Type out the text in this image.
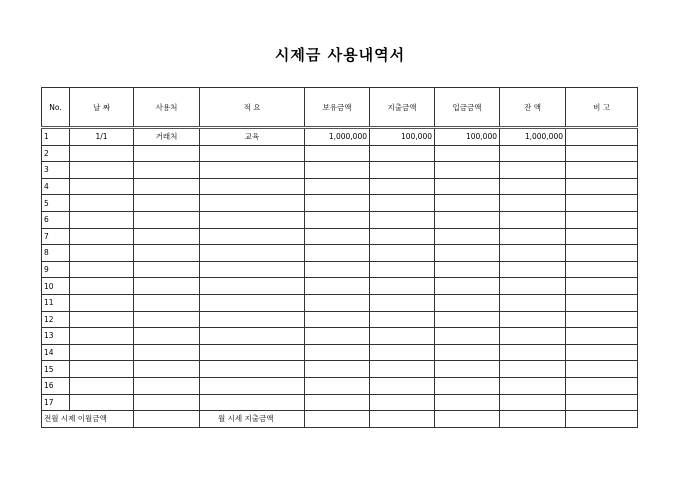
시제금 사용내역서
No.	날 짜	사용처	적 요	보유금액	지출금액	입금금액	잔 액	비 고
1	1/1	거래처	교육	1,000,000	100,000	100,000	1,000,000	
2								
3								
4								
5								
6								
7								
8								
9								
10								
11								
12								
13								
14								
15								
16								
17								
전월 시제 이월금액			월 시세 지출금액					
